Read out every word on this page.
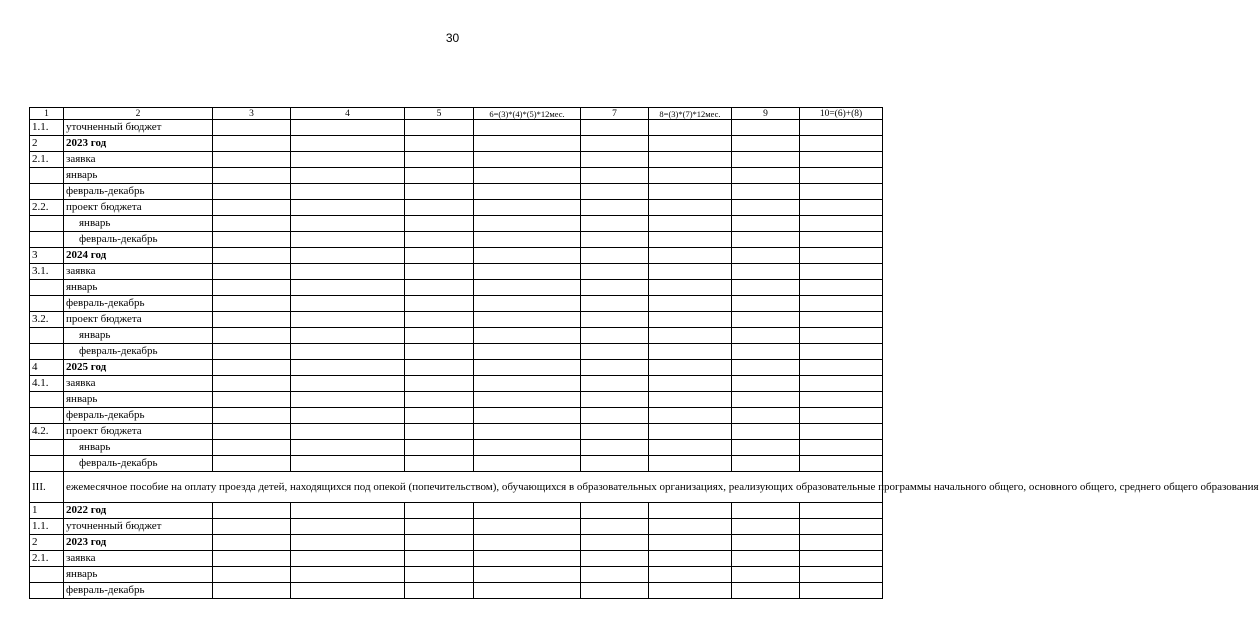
30
1	2	3	4	5	6=(3)*(4)*(5)*12мес.	7	8=(3)*(7)*12мес.	9	10=(6)+(8)
1.1.	уточненный бюджет								
2	2023 год								
2.1.	заявка								
	январь								
	февраль-декабрь								
2.2.	проект бюджета								
	январь								
	февраль-декабрь								
3	2024 год								
3.1.	заявка								
	январь								
	февраль-декабрь								
3.2.	проект бюджета								
	январь								
	февраль-декабрь								
4	2025 год								
4.1.	заявка								
	январь								
	февраль-декабрь								
4.2.	проект бюджета								
	январь								
	февраль-декабрь								
III.	ежемесячное пособие на оплату проезда детей, находящихся под опекой (попечительством), обучающихся в образовательных организациях, реализующих образовательные программы начального общего, основного общего, среднего общего образования								
1	2022 год								
1.1.	уточненный бюджет								
2	2023 год								
2.1.	заявка								
	январь								
	февраль-декабрь								
